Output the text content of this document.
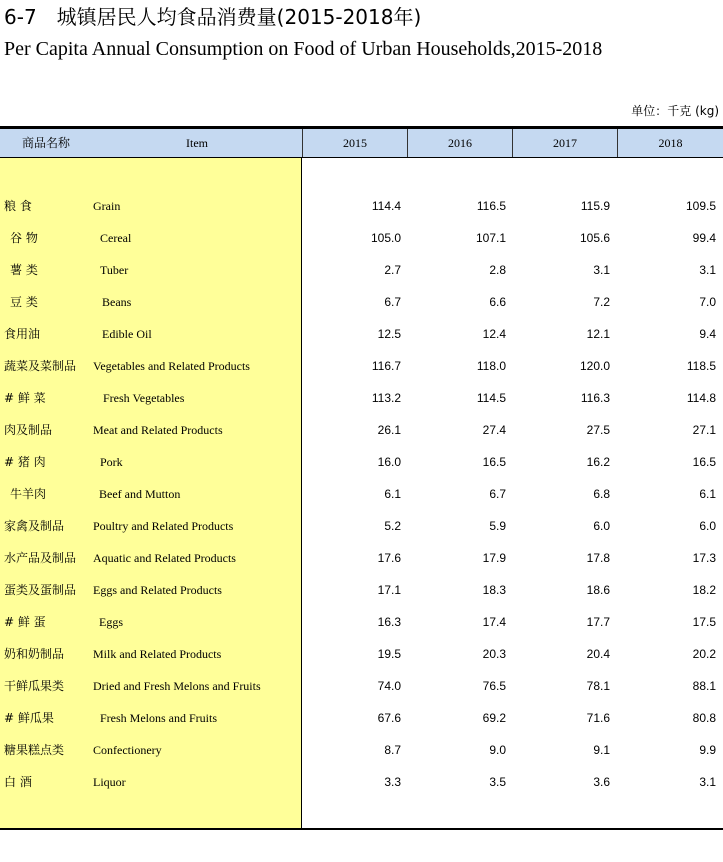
6-7　城镇居民人均食品消费量(2015-2018年)
Per Capita Annual Consumption on Food of Urban Households,2015-2018
单位：千克 (kg)
商品名称	Item	2015	2016	2017	2018
粮 食	Grain	114.4	116.5	115.9	109.5
谷 物	Cereal	105.0	107.1	105.6	99.4
薯 类	Tuber	2.7	2.8	3.1	3.1
豆 类	Beans	6.7	6.6	7.2	7.0
食用油	Edible Oil	12.5	12.4	12.1	9.4
蔬菜及菜制品 Vegetables and Related Products	116.7	118.0	120.0	118.5
# 鲜 菜	Fresh Vegetables	113.2	114.5	116.3	114.8
肉及制品	Meat and Related Products	26.1	27.4	27.5	27.1
# 猪 肉	Pork	16.0	16.5	16.2	16.5
牛羊肉	Beef and Mutton	6.1	6.7	6.8	6.1
家禽及制品 Poultry and Related Products	5.2	5.9	6.0	6.0
水产品及制品 Aquatic and Related Products	17.6	17.9	17.8	17.3
蛋类及蛋制品 Eggs and Related Products	17.1	18.3	18.6	18.2
# 鲜 蛋	Eggs	16.3	17.4	17.7	17.5
奶和奶制品 Milk and Related Products	19.5	20.3	20.4	20.2
干鲜瓜果类 Dried and Fresh Melons and Fruits	74.0	76.5	78.1	88.1
# 鲜瓜果	Fresh Melons and Fruits	67.6	69.2	71.6	80.8
糖果糕点类 Confectionery	8.7	9.0	9.1	9.9
白 酒	Liquor	3.3	3.5	3.6	3.1
